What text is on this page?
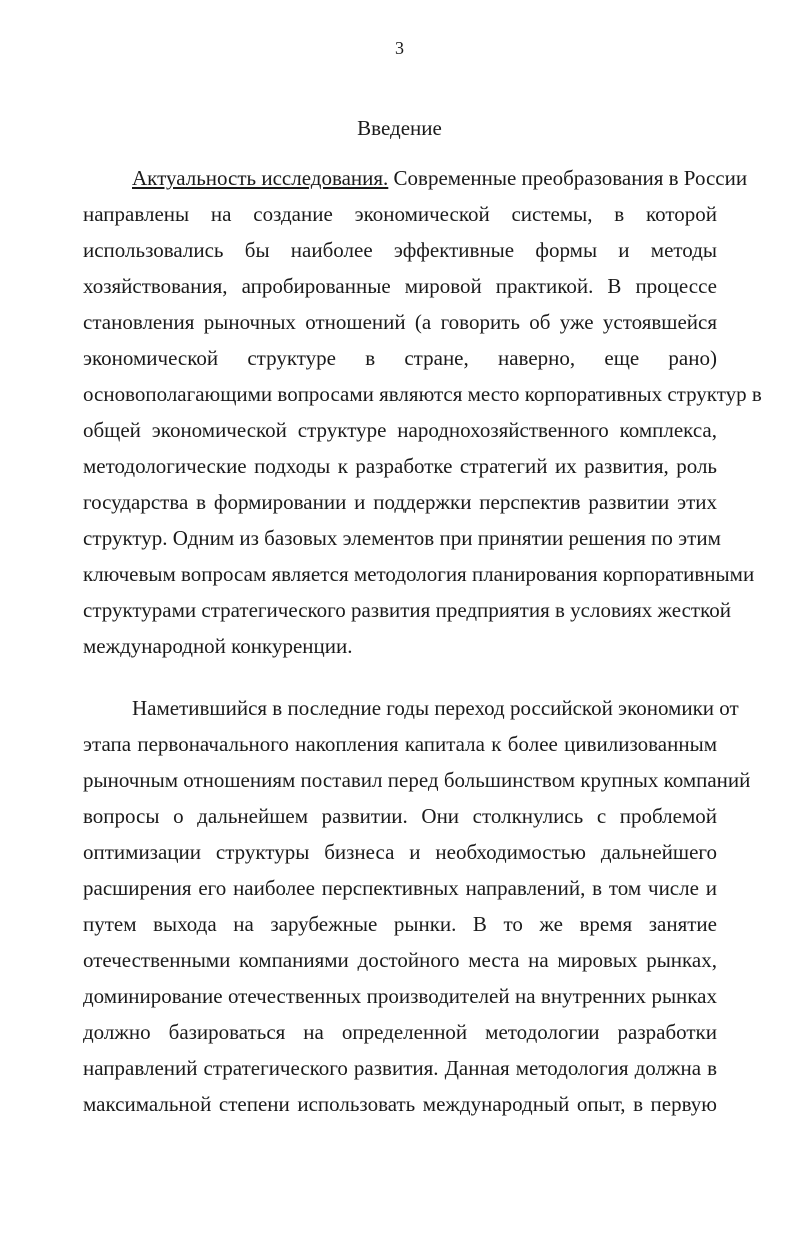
3
Введение
Актуальность исследования. Современные преобразования в России
направлены на создание экономической системы, в которой
использовались бы наиболее эффективные формы и методы
хозяйствования, апробированные мировой практикой. В процессе
становления рыночных отношений (а говорить об уже устоявшейся
экономической структуре в стране, наверно, еще рано)
основополагающими вопросами являются место корпоративных структур в
общей экономической структуре народнохозяйственного комплекса,
методологические подходы к разработке стратегий их развития, роль
государства в формировании и поддержки перспектив развитии этих
структур. Одним из базовых элементов при принятии решения по этим
ключевым вопросам является методология планирования корпоративными
структурами стратегического развития предприятия в условиях жесткой
международной конкуренции.
Наметившийся в последние годы переход российской экономики от
этапа первоначального накопления капитала к более цивилизованным
рыночным отношениям поставил перед большинством крупных компаний
вопросы о дальнейшем развитии. Они столкнулись с проблемой
оптимизации структуры бизнеса и необходимостью дальнейшего
расширения его наиболее перспективных направлений, в том числе и
путем выхода на зарубежные рынки. В то же время занятие
отечественными компаниями достойного места на мировых рынках,
доминирование отечественных производителей на внутренних рынках
должно базироваться на определенной методологии разработки
направлений стратегического развития. Данная методология должна в
максимальной степени использовать международный опыт, в первую
